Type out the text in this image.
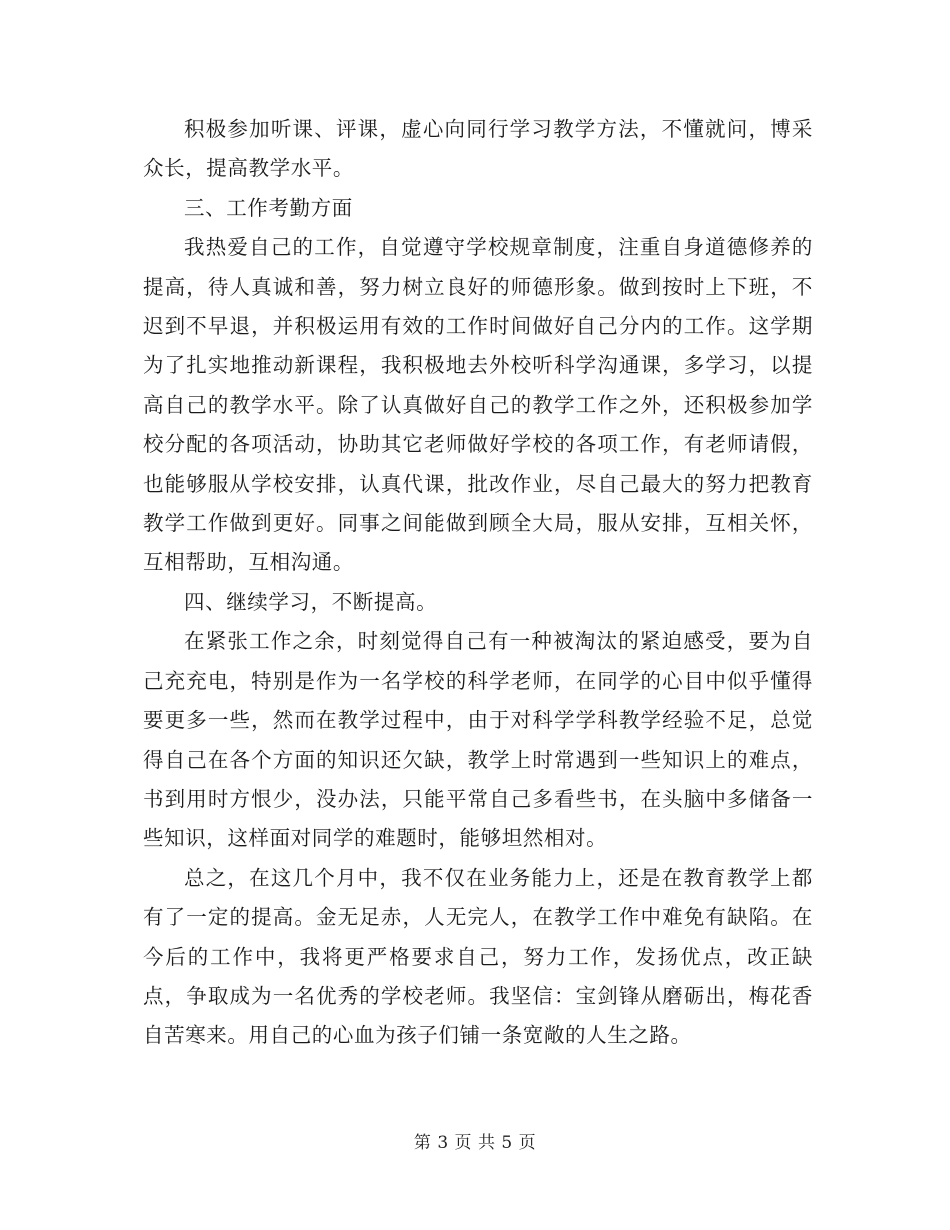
积极参加听课、评课，虚心向同行学习教学方法，不懂就问，博采众长，提高教学水平。

三、工作考勤方面

我热爱自己的工作，自觉遵守学校规章制度，注重自身道德修养的提高，待人真诚和善，努力树立良好的师德形象。做到按时上下班，不迟到不早退，并积极运用有效的工作时间做好自己分内的工作。这学期为了扎实地推动新课程，我积极地去外校听科学沟通课，多学习，以提高自己的教学水平。除了认真做好自己的教学工作之外，还积极参加学校分配的各项活动，协助其它老师做好学校的各项工作，有老师请假，也能够服从学校安排，认真代课，批改作业，尽自己最大的努力把教育教学工作做到更好。同事之间能做到顾全大局，服从安排，互相关怀，互相帮助，互相沟通。

四、继续学习，不断提高。

在紧张工作之余，时刻觉得自己有一种被淘汰的紧迫感受，要为自己充充电，特别是作为一名学校的科学老师，在同学的心目中似乎懂得要更多一些，然而在教学过程中，由于对科学学科教学经验不足，总觉得自己在各个方面的知识还欠缺，教学上时常遇到一些知识上的难点，书到用时方恨少，没办法，只能平常自己多看些书，在头脑中多储备一些知识，这样面对同学的难题时，能够坦然相对。

总之，在这几个月中，我不仅在业务能力上，还是在教育教学上都有了一定的提高。金无足赤，人无完人，在教学工作中难免有缺陷。在今后的工作中，我将更严格要求自己，努力工作，发扬优点，改正缺点，争取成为一名优秀的学校老师。我坚信：宝剑锋从磨砺出，梅花香自苦寒来。用自己的心血为孩子们铺一条宽敞的人生之路。

第 3 页 共 5 页
